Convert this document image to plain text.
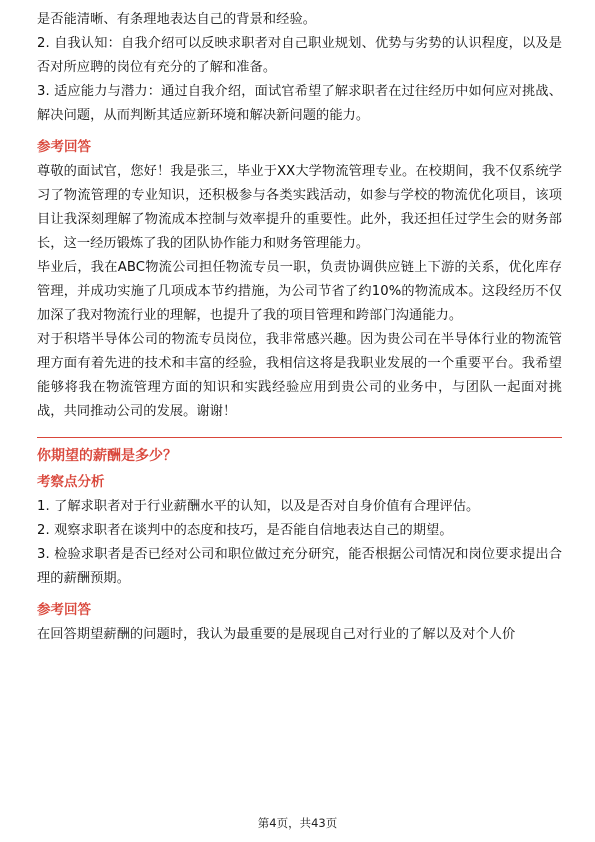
是否能清晰、有条理地表达自己的背景和经验。

2. 自我认知：自我介绍可以反映求职者对自己职业规划、优势与劣势的认识程度，以及是否对所应聘的岗位有充分的了解和准备。

3. 适应能力与潜力：通过自我介绍，面试官希望了解求职者在过往经历中如何应对挑战、解决问题，从而判断其适应新环境和解决新问题的能力。

参考回答

尊敬的面试官，您好！我是张三，毕业于XX大学物流管理专业。在校期间，我不仅系统学习了物流管理的专业知识，还积极参与各类实践活动，如参与学校的物流优化项目，该项目让我深刻理解了物流成本控制与效率提升的重要性。此外，我还担任过学生会的财务部长，这一经历锻炼了我的团队协作能力和财务管理能力。

毕业后，我在ABC物流公司担任物流专员一职，负责协调供应链上下游的关系，优化库存管理，并成功实施了几项成本节约措施，为公司节省了约10%的物流成本。这段经历不仅加深了我对物流行业的理解，也提升了我的项目管理和跨部门沟通能力。

对于积塔半导体公司的物流专员岗位，我非常感兴趣。因为贵公司在半导体行业的物流管理方面有着先进的技术和丰富的经验，我相信这将是我职业发展的一个重要平台。我希望能够将我在物流管理方面的知识和实践经验应用到贵公司的业务中，与团队一起面对挑战，共同推动公司的发展。谢谢！

你期望的薪酬是多少？
考察点分析

1. 了解求职者对于行业薪酬水平的认知，以及是否对自身价值有合理评估。

2. 观察求职者在谈判中的态度和技巧，是否能自信地表达自己的期望。

3. 检验求职者是否已经对公司和职位做过充分研究，能否根据公司情况和岗位要求提出合理的薪酬预期。

参考回答

在回答期望薪酬的问题时，我认为最重要的是展现自己对行业的了解以及对个人价

第4页，共43页
